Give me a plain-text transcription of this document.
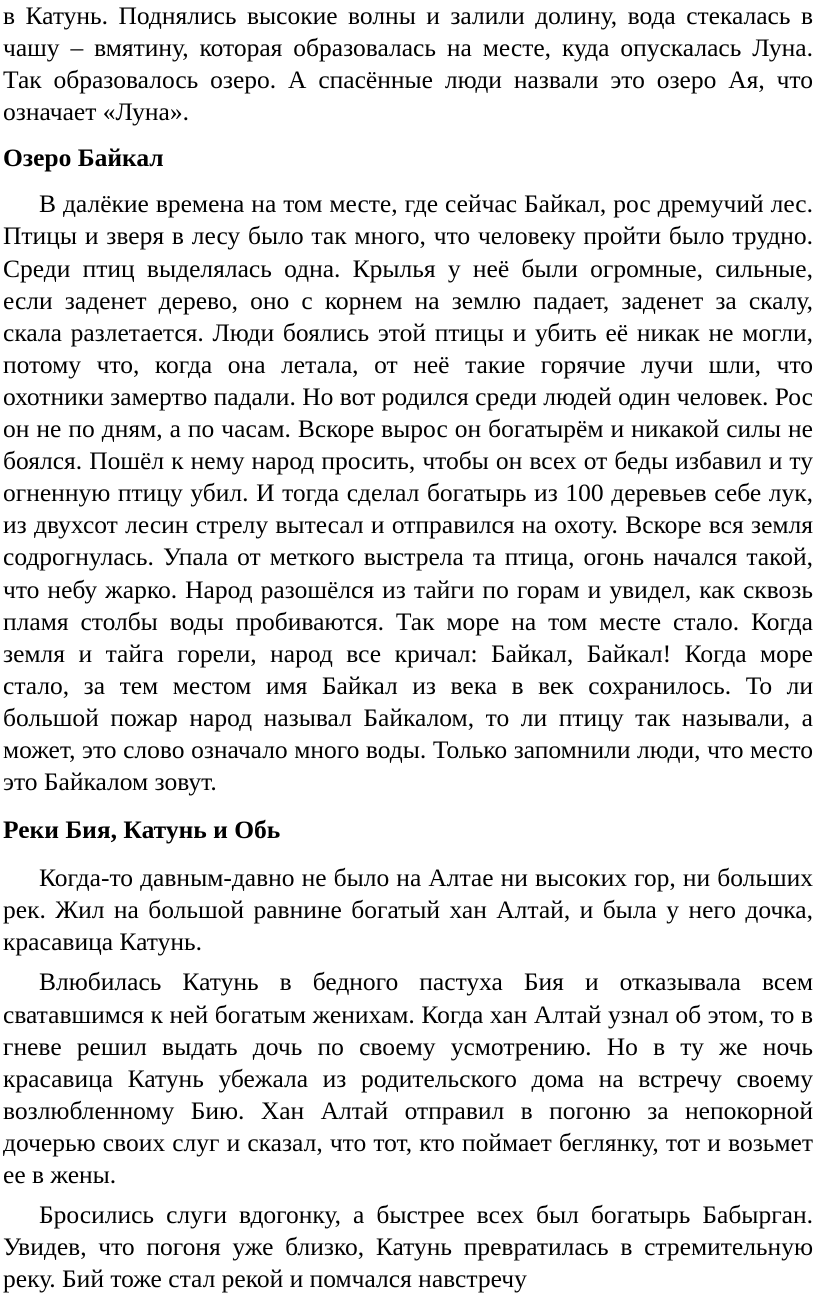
в Катунь. Поднялись высокие волны и залили долину, вода стекалась в чашу – вмятину, которая образовалась на месте, куда опускалась Луна. Так образовалось озеро. А спасённые люди назвали это озеро Ая, что означает «Луна».

Озеро Байкал

В далёкие времена на том месте, где сейчас Байкал, рос дремучий лес. Птицы и зверя в лесу было так много, что человеку пройти было трудно. Среди птиц выделялась одна. Крылья у неё были огромные, сильные, если заденет дерево, оно с корнем на землю падает, заденет за скалу, скала разлетается. Люди боялись этой птицы и убить её никак не могли, потому что, когда она летала, от неё такие горячие лучи шли, что охотники замертво падали. Но вот родился среди людей один человек. Рос он не по дням, а по часам. Вскоре вырос он богатырём и никакой силы не боялся. Пошёл к нему народ просить, чтобы он всех от беды избавил и ту огненную птицу убил. И тогда сделал богатырь из 100 деревьев себе лук, из двухсот лесин стрелу вытесал и отправился на охоту. Вскоре вся земля содрогнулась. Упала от меткого выстрела та птица, огонь начался такой, что небу жарко. Народ разошёлся из тайги по горам и увидел, как сквозь пламя столбы воды пробиваются. Так море на том месте стало. Когда земля и тайга горели, народ все кричал: Байкал, Байкал! Когда море стало, за тем местом имя Байкал из века в век сохранилось. То ли большой пожар народ называл Байкалом, то ли птицу так называли, а может, это слово означало много воды. Только запомнили люди, что место это Байкалом зовут.

Реки Бия, Катунь и Обь

Когда-то давным-давно не было на Алтае ни высоких гор, ни больших рек. Жил на большой равнине богатый хан Алтай, и была у него дочка, красавица Катунь.

Влюбилась Катунь в бедного пастуха Бия и отказывала всем сватавшимся к ней богатым женихам. Когда хан Алтай узнал об этом, то в гневе решил выдать дочь по своему усмотрению. Но в ту же ночь красавица Катунь убежала из родительского дома на встречу своему возлюбленному Бию. Хан Алтай отправил в погоню за непокорной дочерью своих слуг и сказал, что тот, кто поймает беглянку, тот и возьмет ее в жены.

Бросились слуги вдогонку, а быстрее всех был богатырь Бабырган. Увидев, что погоня уже близко, Катунь превратилась в стремительную реку. Бий тоже стал рекой и помчался навстречу
